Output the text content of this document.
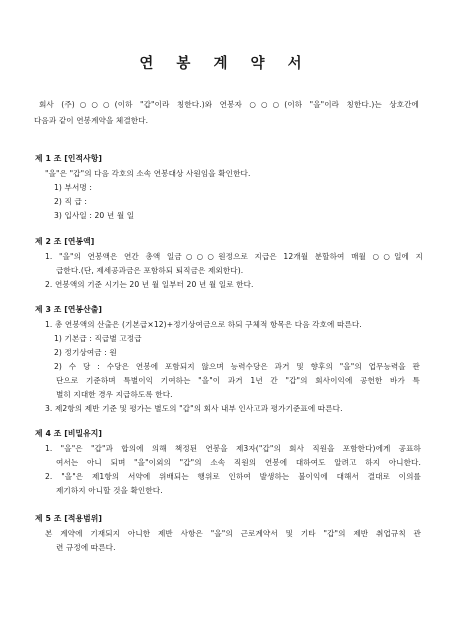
연 봉 계 약 서
회사 (주)○○○(이하 "갑"이라 칭한다.)와 연봉자 ○○○(이하 "을"이라 칭한다.)는 상호간에
다음과 같이 연봉계약을 체결한다.
제 1 조 [인적사항]
"을"은 "갑"의 다음 각호의 소속 연봉대상 사원임을 확인한다.
1) 부서명 :
2) 직 급 :
3) 입사일 : 20 년 월 일
제 2 조 [연봉액]
1. "을"의 연봉액은 연간 총액 일금○○○원정으로 지급은 12개월 분할하여 매월 ○○일에 지
급한다.(단, 제세공과금은 포함하되 퇴직금은 제외한다).
2. 연봉액의 기준 시기는 20 년 월 일부터 20 년 월 일로 한다.
제 3 조 [연봉산출]
1. 총 연봉액의 산출은 (기본급×12)+정기상여금으로 하되 구체적 항목은 다음 각호에 따른다.
1) 기본급 : 직급별 고정급
2) 정기상여금 : 원
2) 수 당 : 수당은 연봉에 포함되지 않으며 능력수당은 과거 및 향후의 "을"의 업무능력을 판
단으로 기준하며 특별이익 기여하는 "을"이 과거 1년 간 "갑"의 회사이익에 공헌한 바가 특
별히 지대한 경우 지급하도록 한다.
3. 제2항의 제반 기준 및 평가는 별도의 "갑"의 회사 내부 인사고과 평가기준표에 따른다.
제 4 조 [비밀유지]
1. "을"은 "갑"과 합의에 의해 책정된 연봉을 제3자("갑"의 회사 직원을 포함한다)에게 공표하
여서는 아니 되며 "을"이외의 "갑"의 소속 직원의 연봉에 대하여도 알려고 하지 아니한다.
2. "을"은 제1항의 서약에 위배되는 행위로 인하여 발생하는 불이익에 대해서 결대로 이의를
제기하지 아니할 것을 확인한다.
제 5 조 [적용범위]
본 계약에 기재되지 아니한 제반 사항은 "을"의 근로계약서 및 기타 "갑"의 제반 취업규칙 관
련 규정에 따른다.
